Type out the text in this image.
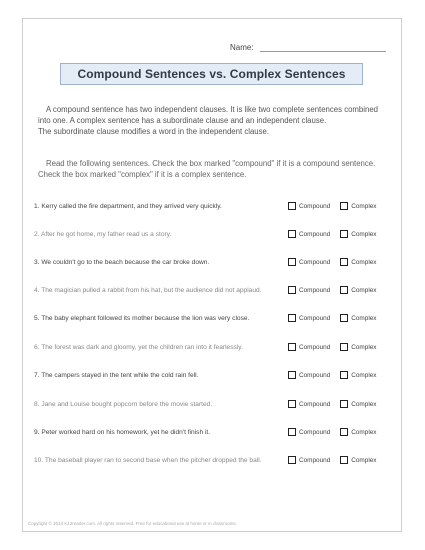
Name:
Compound Sentences vs. Complex Sentences
A compound sentence has two independent clauses. It is like two complete sentences combined
into one. A complex sentence has a subordinate clause and an independent clause.
The subordinate clause modifies a word in the independent clause.
Read the following sentences. Check the box marked "compound" if it is a compound sentence.
Check the box marked "complex" if it is a complex sentence.
1. Kerry called the fire department, and they arrived very quickly.	Compound	Complex
2. After he got home, my father read us a story.	Compound	Complex
3. We couldn't go to the beach because the car broke down.	Compound	Complex
4. The magician pulled a rabbit from his hat, but the audience did not applaud.	Compound	Complex
5. The baby elephant followed its mother because the lion was very close.	Compound	Complex
6. The forest was dark and gloomy, yet the children ran into it fearlessly.	Compound	Complex
7. The campers stayed in the tent while the cold rain fell.	Compound	Complex
8. Jane and Louise bought popcorn before the movie started.	Compound	Complex
9. Peter worked hard on his homework, yet he didn't finish it.	Compound	Complex
10. The baseball player ran to second base when the pitcher dropped the ball.	Compound	Complex
Copyright © 2014 K12reader.com. All rights reserved. Free for educational use at home or in classrooms.
